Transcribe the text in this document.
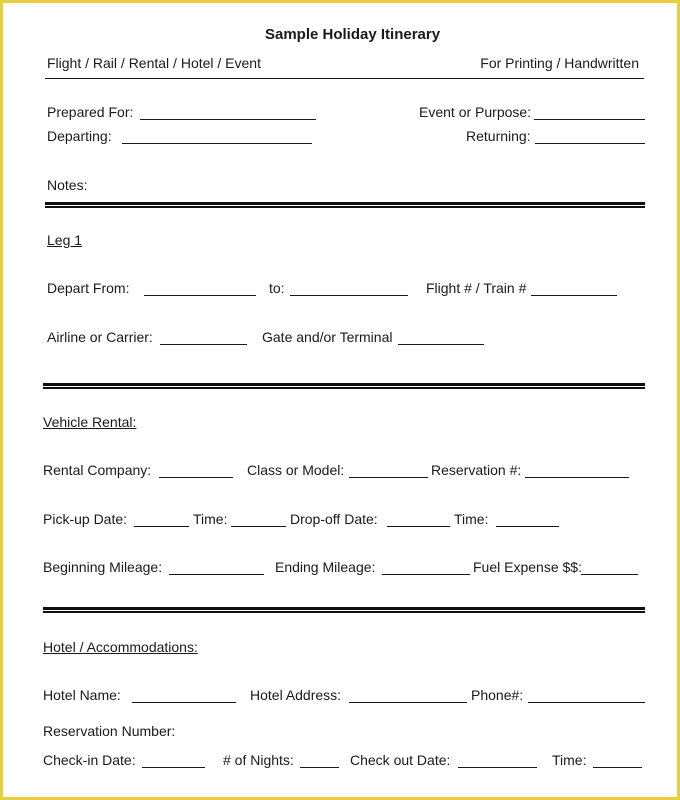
Sample Holiday Itinerary
Flight / Rail / Rental / Hotel / Event	For Printing / Handwritten
Prepared For:	Event or Purpose:
Departing:	Returning:
Notes:
Leg 1
Depart From:	to:	Flight # / Train #
Airline or Carrier:	Gate and/or Terminal
Vehicle Rental:
Rental Company:	Class or Model:	Reservation #:
Pick-up Date:	Time:	Drop-off Date:	Time:
Beginning Mileage:	Ending Mileage:	Fuel Expense $$:
Hotel / Accommodations:
Hotel Name:	Hotel Address:	Phone#:
Reservation Number:
Check-in Date:	# of Nights:	Check out Date:	Time:
